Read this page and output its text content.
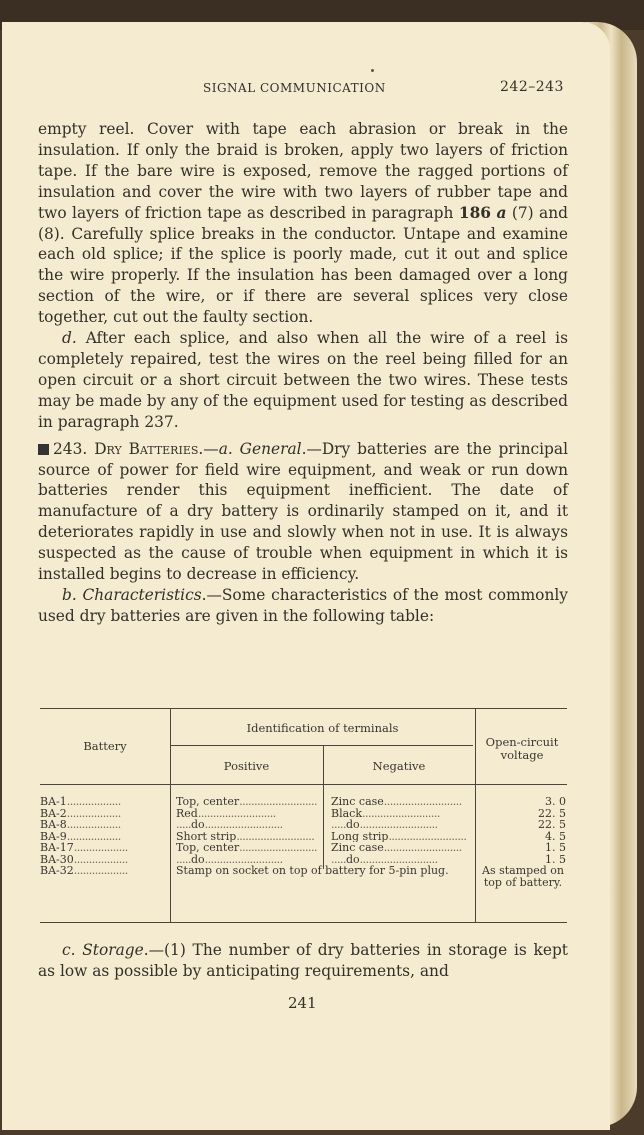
SIGNAL COMMUNICATION	242–243

empty reel. Cover with tape each abrasion or break in the insulation. If only the braid is broken, apply two layers of friction tape. If the bare wire is exposed, remove the ragged portions of insulation and cover the wire with two layers of rubber tape and two layers of friction tape as described in paragraph 186 a (7) and (8). Carefully splice breaks in the conductor. Untape and examine each old splice; if the splice is poorly made, cut it out and splice the wire properly. If the insulation has been damaged over a long section of the wire, or if there are several splices very close together, cut out the faulty section.

d. After each splice, and also when all the wire of a reel is completely repaired, test the wires on the reel being filled for an open circuit or a short circuit between the two wires. These tests may be made by any of the equipment used for testing as described in paragraph 237.

243. Dry Batteries.—a. General.—Dry batteries are the principal source of power for field wire equipment, and weak or run down batteries render this equipment inefficient. The date of manufacture of a dry battery is ordinarily stamped on it, and it deteriorates rapidly in use and slowly when not in use. It is always suspected as the cause of trouble when equipment in which it is installed begins to decrease in efficiency.

b. Characteristics.—Some characteristics of the most commonly used dry batteries are given in the following table:

Battery
Identification of terminals
Positive	Negative
Open-circuit voltage
BA-1..................	Top, center..........................	Zinc case..........................	3. 0
BA-2..................	Red..........................	Black..........................	22. 5
BA-8..................	.....do..........................	.....do..........................	22. 5
BA-9..................	Short strip..........................	Long strip..........................	4. 5
BA-17..................	Top, center..........................	Zinc case..........................	1. 5
BA-30..................	.....do..........................	.....do..........................	1. 5
BA-32..................	Stamp on socket on top of battery for 5-pin plug.	As stamped on top of battery.

c. Storage.—(1) The number of dry batteries in storage is kept as low as possible by anticipating requirements, and

241
